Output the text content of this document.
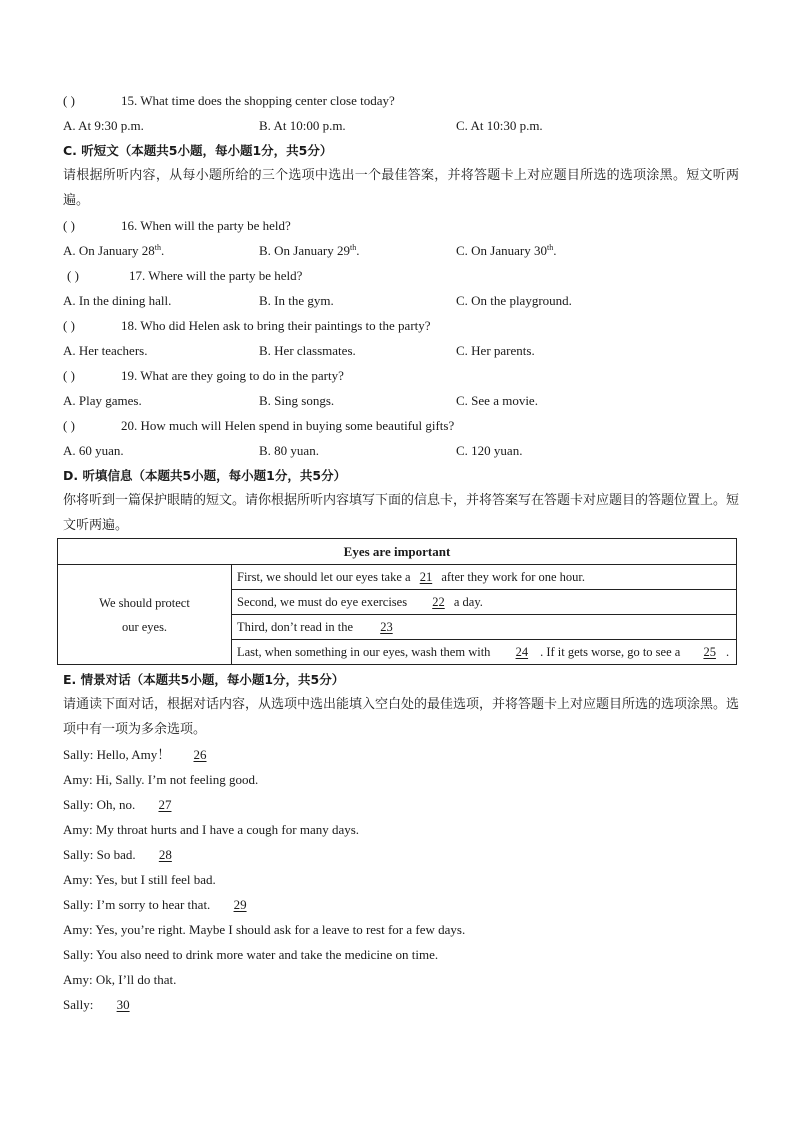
( )	15. What time does the shopping center close today?
A. At 9:30 p.m.	B. At 10:00 p.m.	C. At 10:30 p.m.
C. 听短文（本题共5小题，每小题1分，共5分）
请根据所听内容，从每小题所给的三个选项中选出一个最佳答案，并将答题卡上对应题目所选的选项涂黑。短文听两遍。
( )	16. When will the party be held?
A. On January 28th.	B. On January 29th.	C. On January 30th.
( )	17. Where will the party be held?
A. In the dining hall.	B. In the gym.	C. On the playground.
( )	18. Who did Helen ask to bring their paintings to the party?
A. Her teachers.	B. Her classmates.	C. Her parents.
( )	19. What are they going to do in the party?
A. Play games.	B. Sing songs.	C. See a movie.
( )	20. How much will Helen spend in buying some beautiful gifts?
A. 60 yuan.	B. 80 yuan.	C. 120 yuan.
D. 听填信息（本题共5小题，每小题1分，共5分）
你将听到一篇保护眼睛的短文。请你根据所听内容填写下面的信息卡，并将答案写在答题卡对应题目的答题位置上。短文听两遍。
Eyes are important

We should protect
our eyes.
	First, we should let our eyes take a 21 after they work for one hour.
Second, we must do eye exercises 22 a day.
Third, don’t read in the 23
Last, when something in our eyes, wash them with 24 . If it gets worse, go to see a 25 .
E. 情景对话（本题共5小题，每小题1分，共5分）
请通读下面对话，根据对话内容，从选项中选出能填入空白处的最佳选项，并将答题卡上对应题目所选的选项涂黑。选项中有一项为多余选项。
Sally: Hello, Amy！ 26
Amy: Hi, Sally. I’m not feeling good.
Sally: Oh, no. 27
Amy: My throat hurts and I have a cough for many days.
Sally: So bad. 28
Amy: Yes, but I still feel bad.
Sally: I’m sorry to hear that. 29
Amy: Yes, you’re right. Maybe I should ask for a leave to rest for a few days.
Sally: You also need to drink more water and take the medicine on time.
Amy: Ok, I’ll do that.
Sally: 30
